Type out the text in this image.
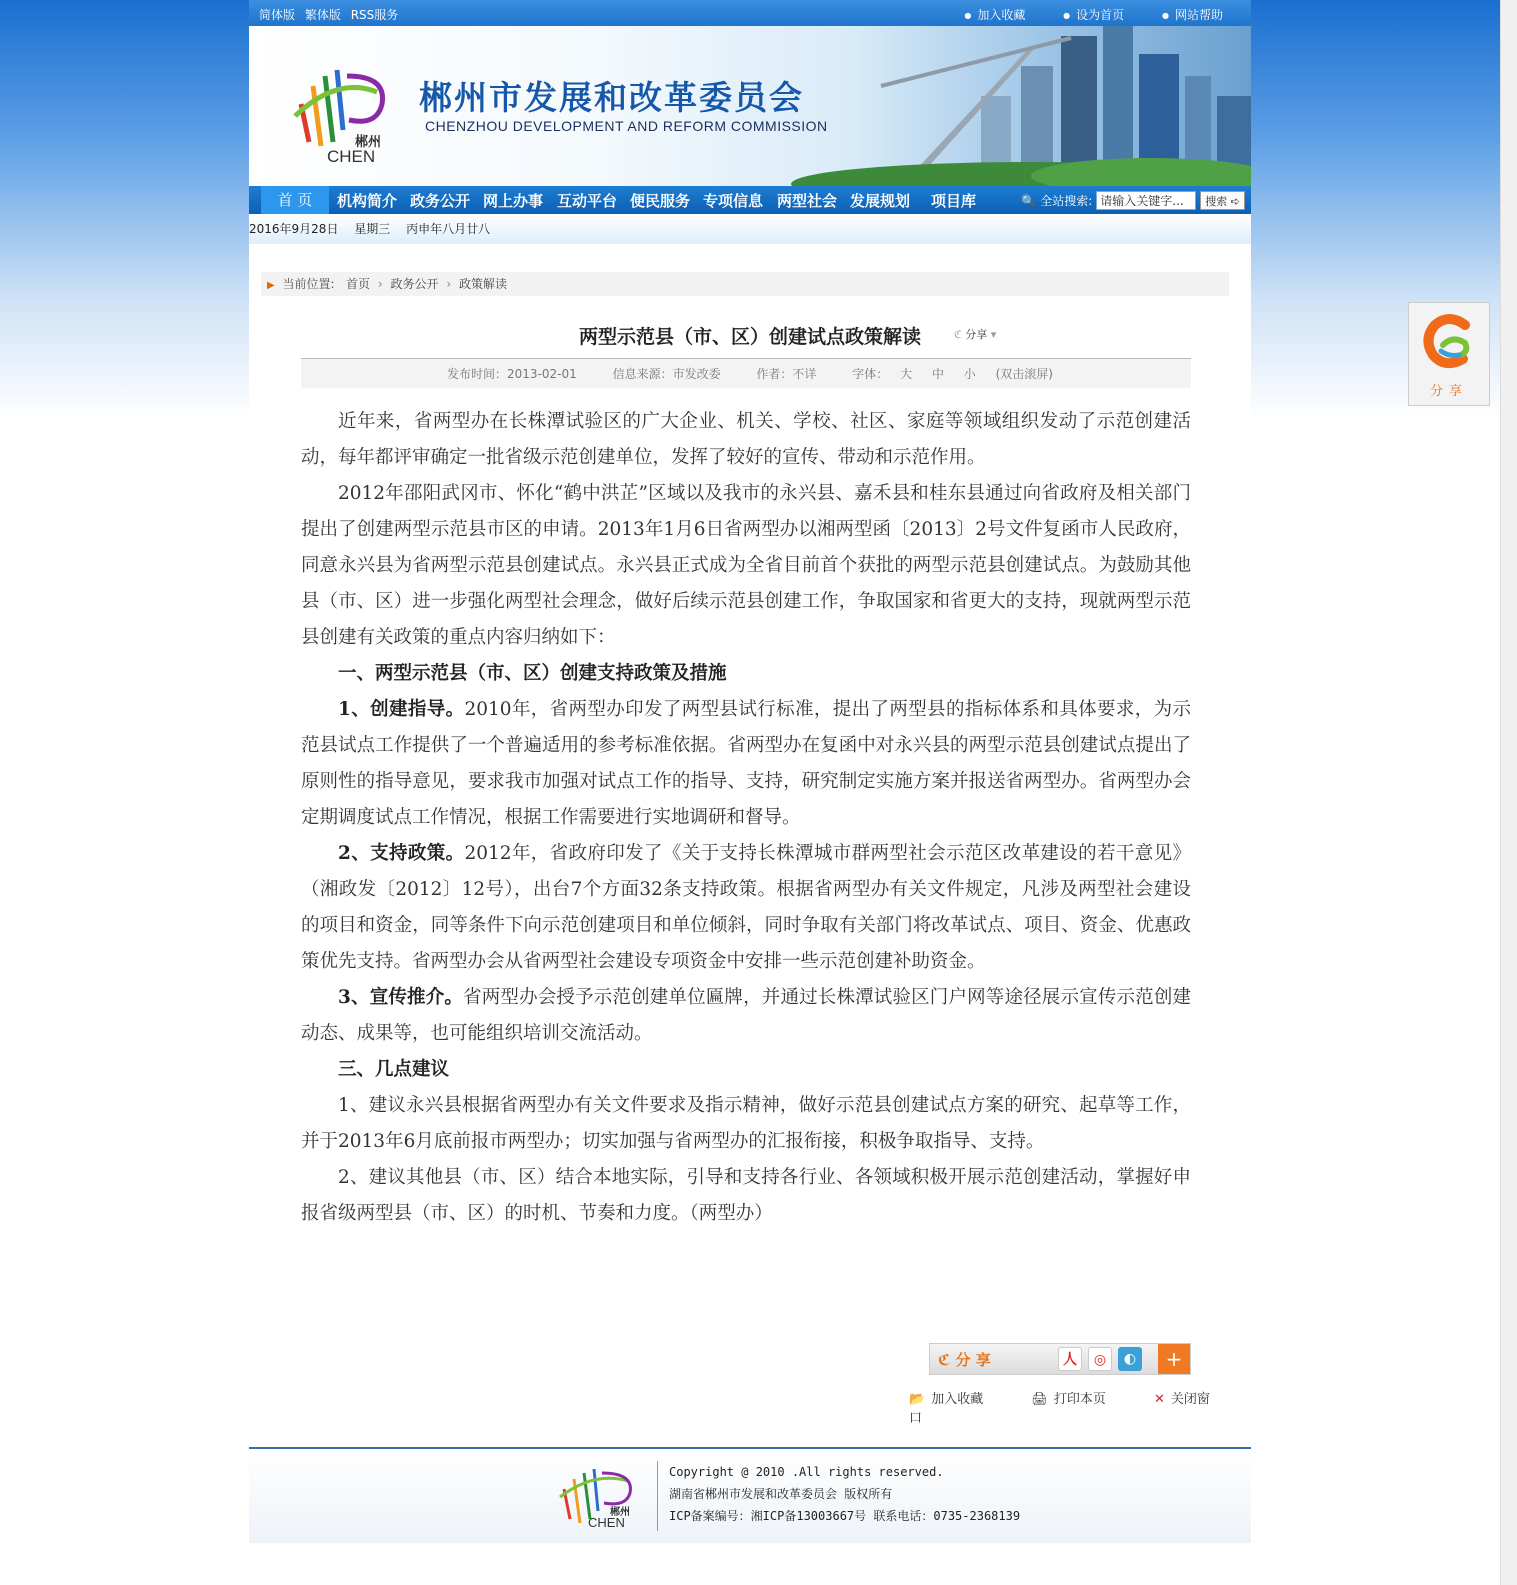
简体版 繁体版 RSS服务	● 加入收藏	● 设为首页	● 网站帮助
郴州
CHEN
郴州市发展和改革委员会
CHENZHOU DEVELOPMENT AND REFORM COMMISSION
首 页	机构简介 政务公开 网上办事 互动平台 便民服务 专项信息 两型社会 发展规划 项目库	🔍 全站搜索:请输入关键字...	搜索 ➪
2016年9月28日 星期三 丙申年八月廿八
▶ 当前位置: 首页 › 政务公开 › 政策解读
两型示范县（市、区）创建试点政策解读	ℭ 分享 ▾
发布时间：2013-02-01	信息来源：市发改委	作者：不详	字体： 大 中 小 (双击滚屏)

近年来，省两型办在长株潭试验区的广大企业、机关、学校、社区、家庭等领域组织发动了示范创建活动，每年都评审确定一批省级示范创建单位，发挥了较好的宣传、带动和示范作用。

2012年邵阳武冈市、怀化“鹤中洪芷”区域以及我市的永兴县、嘉禾县和桂东县通过向省政府及相关部门提出了创建两型示范县市区的申请。2013年1月6日省两型办以湘两型函〔2013〕2号文件复函市人民政府，同意永兴县为省两型示范县创建试点。永兴县正式成为全省目前首个获批的两型示范县创建试点。为鼓励其他县（市、区）进一步强化两型社会理念，做好后续示范县创建工作，争取国家和省更大的支持，现就两型示范县创建有关政策的重点内容归纳如下：

一、两型示范县（市、区）创建支持政策及措施

1、创建指导。2010年，省两型办印发了两型县试行标准，提出了两型县的指标体系和具体要求，为示范县试点工作提供了一个普遍适用的参考标准依据。省两型办在复函中对永兴县的两型示范县创建试点提出了原则性的指导意见，要求我市加强对试点工作的指导、支持，研究制定实施方案并报送省两型办。省两型办会定期调度试点工作情况，根据工作需要进行实地调研和督导。

2、支持政策。2012年，省政府印发了《关于支持长株潭城市群两型社会示范区改革建设的若干意见》（湘政发〔2012〕12号），出台7个方面32条支持政策。根据省两型办有关文件规定，凡涉及两型社会建设的项目和资金，同等条件下向示范创建项目和单位倾斜，同时争取有关部门将改革试点、项目、资金、优惠政策优先支持。省两型办会从省两型社会建设专项资金中安排一些示范创建补助资金。

3、宣传推介。省两型办会授予示范创建单位匾牌，并通过长株潭试验区门户网等途径展示宣传示范创建动态、成果等，也可能组织培训交流活动。

三、几点建议

1、建议永兴县根据省两型办有关文件要求及指示精神，做好示范县创建试点方案的研究、起草等工作，并于2013年6月底前报市两型办；切实加强与省两型办的汇报衔接，积极争取指导、支持。

2、建议其他县（市、区）结合本地实际，引导和支持各行业、各领域积极开展示范创建活动，掌握好申报省级两型县（市、区）的时机、节奏和力度。（两型办）

ℭ 分 享	人	◎	◐	+
📂 加入收藏	🖨 打印本页	✕ 关闭窗口
郴州
CHEN
Copyright @ 2010 .All rights reserved.
湖南省郴州市发展和改革委员会 版权所有
ICP备案编号：湘ICP备13003667号 联系电话：0735-2368139
分享
